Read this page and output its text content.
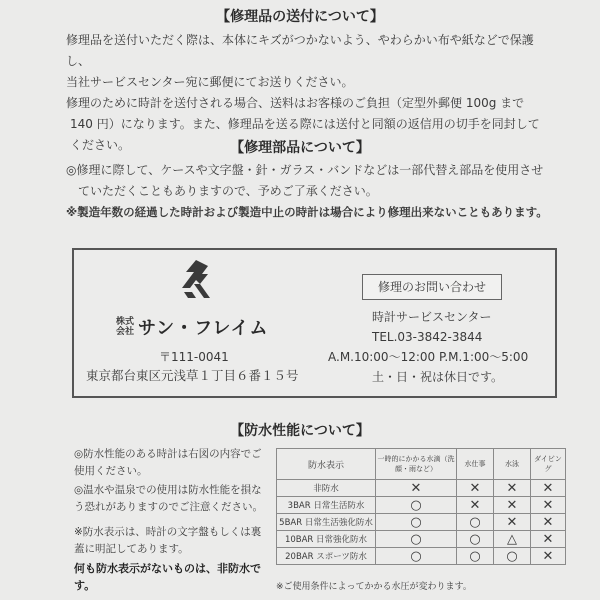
【修理品の送付について】
修理品を送付いただく際は、本体にキズがつかないよう、やわらかい布や紙などで保護し、
当社サービスセンター宛に郵便にてお送りください。
修理のために時計を送付される場合、送料はお客様のご負担（定型外郵便 100g まで
140 円）になります。また、修理品を送る際には送付と同額の返信用の切手を同封して
ください。	【修理部品について】
◎修理に際して、ケースや文字盤・針・ガラス・バンドなどは一部代替え部品を使用させ
ていただくこともありますので、予めご了承ください。
※製造年数の経過した時計および製造中止の時計は場合により修理出来ないこともあります。
株式会社 サン・フレイム
〒111-0041
東京都台東区元浅草１丁目６番１５号
修理のお問い合わせ
時計サービスセンター
TEL.03-3842-3844
A.M.10:00～12:00 P.M.1:00～5:00
土・日・祝は休日です。
【防水性能について】
◎防水性能のある時計は右図の内容でご使用ください。
◎温水や温泉での使用は防水性能を損なう恐れがありますのでご注意ください。
※防水表示は、時計の文字盤もしくは裏蓋に明記してあります。
何も防水表示がないものは、非防水です。
防水表示	一時的にかかる水滴（洗顔・雨など）	水仕事	水泳	ダイビング
非防水	✕	✕	✕	✕
3BAR 日常生活防水	○	✕	✕	✕
5BAR 日常生活強化防水	○	○	✕	✕
10BAR 日常強化防水	○	○	△	✕
20BAR スポーツ防水	○	○	○	✕
※ご使用条件によってかかる水圧が変わります。
